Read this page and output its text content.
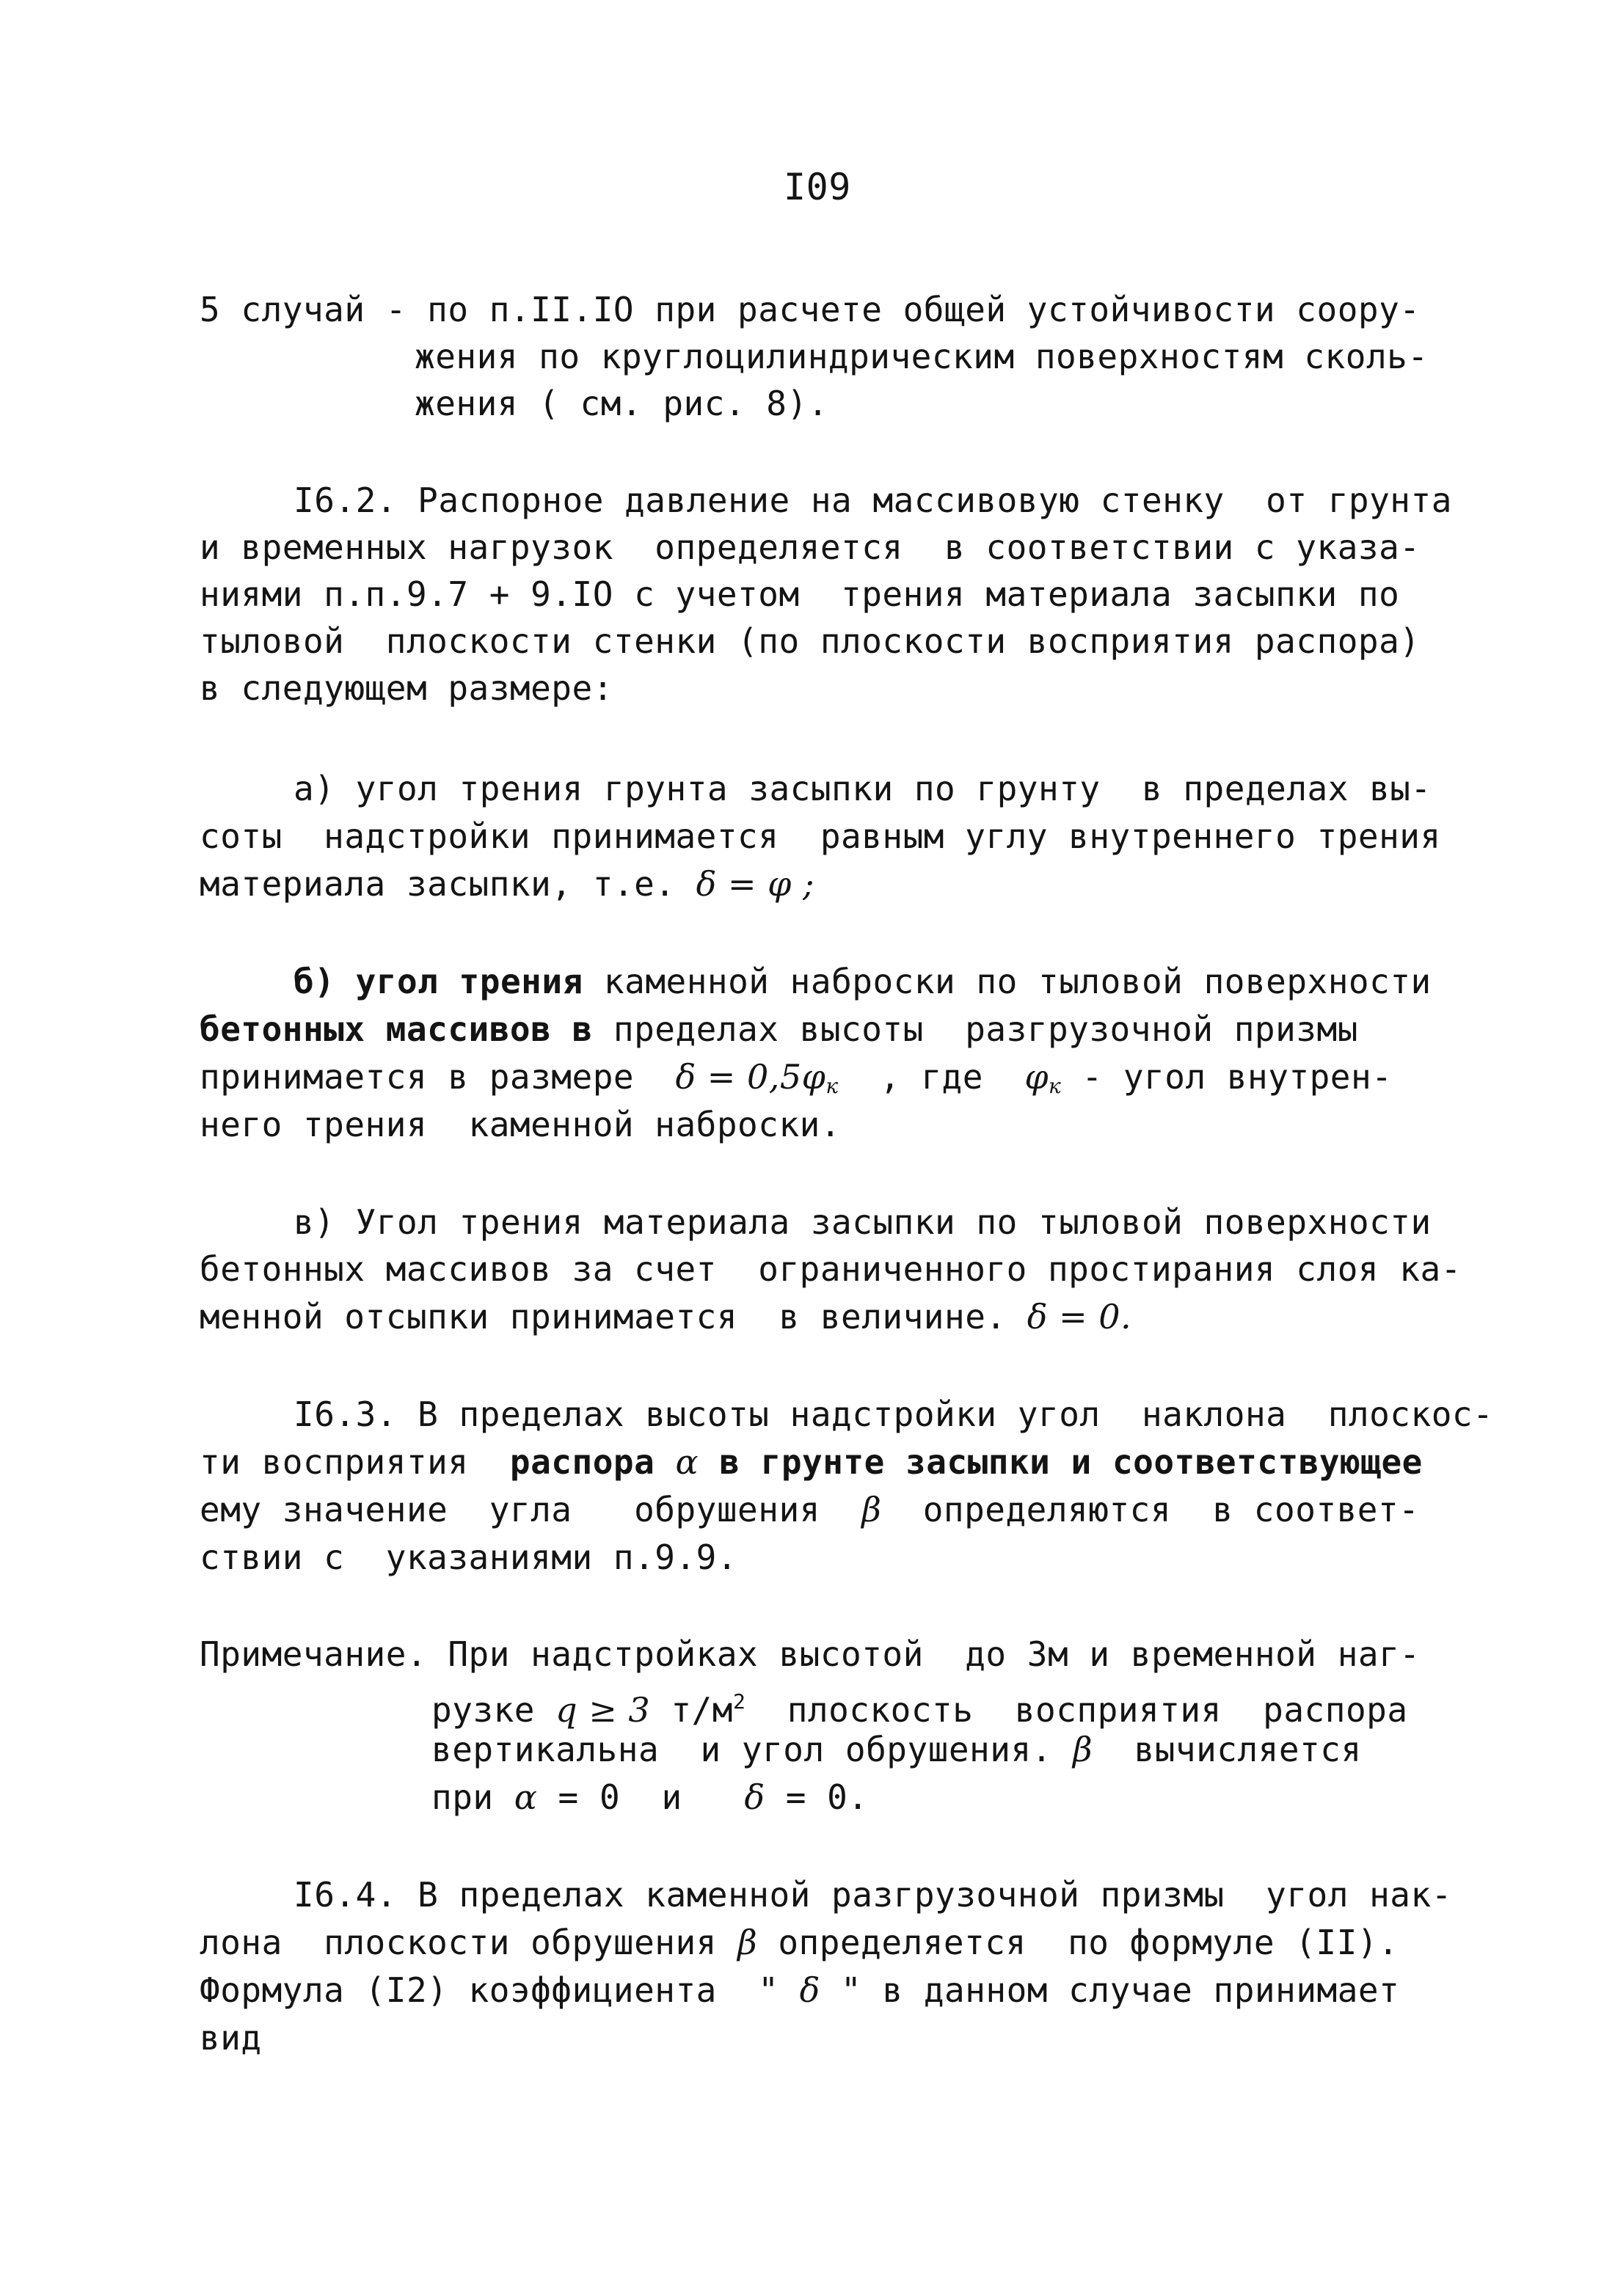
I09
5 случай - по п.II.IO при расчете общей устойчивости соору-
жения по круглоцилиндрическим поверхностям сколь-
жения ( см. рис. 8).
I6.2. Распорное давление на массивовую стенку  от грунта
и временных нагрузок  определяется  в соответствии с указа-
ниями п.п.9.7 + 9.IO с учетом  трения материала засыпки по
тыловой  плоскости стенки (по плоскости восприятия распора)
в следующем размере:
а) угол трения грунта засыпки по грунту  в пределах вы-
соты  надстройки принимается  равным углу внутреннего трения
материала засыпки, т.е. δ = φ ;
б) угол трения каменной наброски по тыловой поверхности
бетонных массивов в пределах высоты  разгрузочной призмы
принимается в размере  $\delta = 0,5\varphi_к$  , где  $\varphi_к$ - угол внутрен-
него трения  каменной наброски.
в) Угол трения материала засыпки по тыловой поверхности
бетонных массивов за счет  ограниченного простирания слоя ка-
менной отсыпки принимается  в величине. δ = 0.
I6.3. В пределах высоты надстройки угол  наклона  плоскос-
ти восприятия  распора α в грунте засыпки и соответствующее
ему значение  угла   обрушения  β  определяются  в соответ-
ствии с  указаниями п.9.9.
Примечание. При надстройках высотой  до 3м и временной наг-
рузке q ≥ 3 $т/м^2$  плоскость  восприятия  распора
вертикальна  и угол обрушения. β  вычисляется
при α = 0  и   δ = 0.
I6.4. В пределах каменной разгрузочной призмы  угол нак-
лона  плоскости обрушения β определяется  по формуле (II).
Формула (I2) коэффициента  " δ " в данном случае принимает
вид
